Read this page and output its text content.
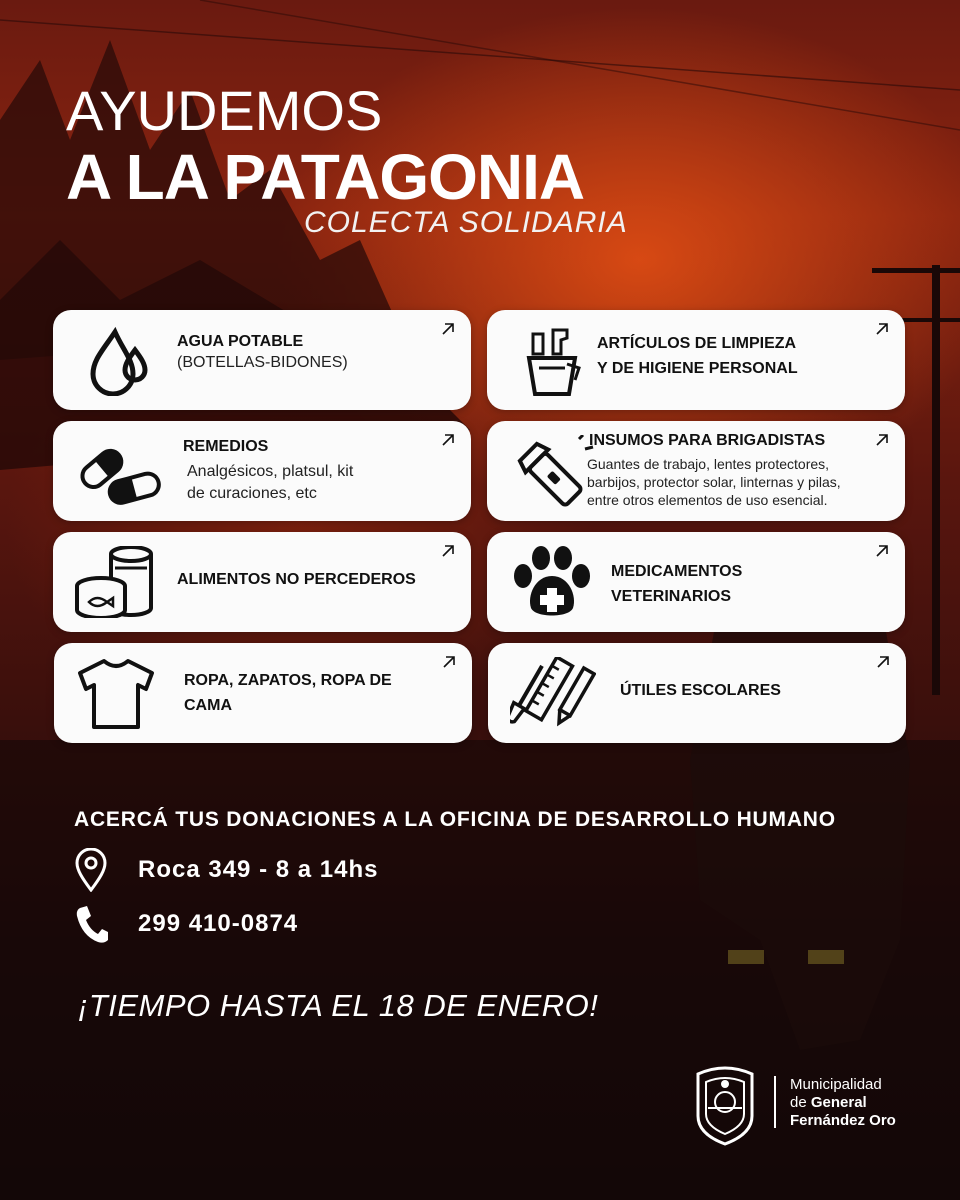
AYUDEMOS
A LA PATAGONIA
COLECTA SOLIDARIA
AGUA POTABLE
(BOTELLAS-BIDONES)
ARTÍCULOS DE LIMPIEZA
Y DE HIGIENE PERSONAL
REMEDIOS
Analgésicos, platsul, kit
de curaciones, etc
INSUMOS PARA BRIGADISTAS
Guantes de trabajo, lentes protectores,
barbijos, protector solar, linternas y pilas,
entre otros elementos de uso esencial.
ALIMENTOS NO PERCEDEROS	MEDICAMENTOS
VETERINARIOS
ROPA, ZAPATOS, ROPA DE
CAMA
ÚTILES ESCOLARES
ACERCÁ TUS DONACIONES A LA OFICINA DE DESARROLLO HUMANO
Roca 349 - 8 a 14hs
299 410-0874
¡TIEMPO HASTA EL 18 DE ENERO!
Municipalidad
de General
Fernández Oro
